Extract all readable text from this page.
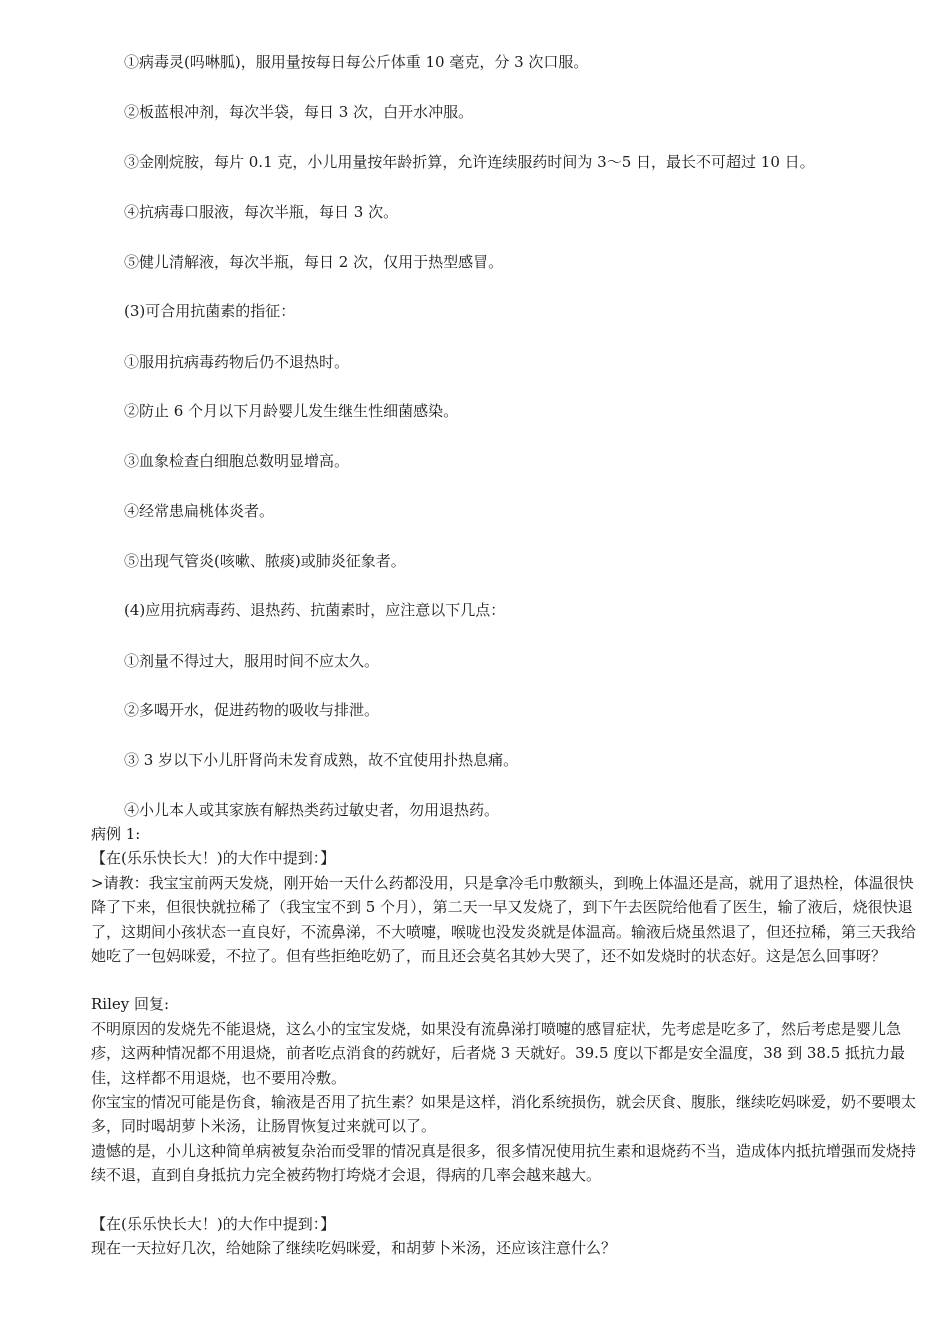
①病毒灵(吗啉胍)，服用量按每日每公斤体重 10 毫克，分 3 次口服。
②板蓝根冲剂，每次半袋，每日 3 次，白开水冲服。
③金刚烷胺，每片 0.1 克，小儿用量按年龄折算，允许连续服药时间为 3～5 日，最长不可超过 10 日。
④抗病毒口服液，每次半瓶，每日 3 次。
⑤健儿清解液，每次半瓶，每日 2 次，仅用于热型感冒。
(3)可合用抗菌素的指征：
①服用抗病毒药物后仍不退热时。
②防止 6 个月以下月龄婴儿发生继生性细菌感染。
③血象检查白细胞总数明显增高。
④经常患扁桃体炎者。
⑤出现气管炎(咳嗽、脓痰)或肺炎征象者。
(4)应用抗病毒药、退热药、抗菌素时，应注意以下几点：
①剂量不得过大，服用时间不应太久。
②多喝开水，促进药物的吸收与排泄。
③ 3 岁以下小儿肝肾尚未发育成熟，故不宜使用扑热息痛。
④小儿本人或其家族有解热类药过敏史者，勿用退热药。

病例 1:

【在(乐乐快长大！)的大作中提到：】

>请教：我宝宝前两天发烧，刚开始一天什么药都没用，只是拿冷毛巾敷额头，到晚上体温还是高，就用了退热栓，体温很快降了下来，但很快就拉稀了（我宝宝不到 5 个月），第二天一早又发烧了，到下午去医院给他看了医生，输了液后，烧很快退了，这期间小孩状态一直良好，不流鼻涕，不大喷嚏，喉咙也没发炎就是体温高。输液后烧虽然退了，但还拉稀，第三天我给她吃了一包妈咪爱，不拉了。但有些拒绝吃奶了，而且还会莫名其妙大哭了，还不如发烧时的状态好。这是怎么回事呀？

Riley 回复:

不明原因的发烧先不能退烧，这么小的宝宝发烧，如果没有流鼻涕打喷嚏的感冒症状，先考虑是吃多了，然后考虑是婴儿急疹，这两种情况都不用退烧，前者吃点消食的药就好，后者烧 3 天就好。39.5 度以下都是安全温度，38 到 38.5 抵抗力最佳，这样都不用退烧，也不要用冷敷。

你宝宝的情况可能是伤食，输液是否用了抗生素？如果是这样，消化系统损伤，就会厌食、腹胀，继续吃妈咪爱，奶不要喂太多，同时喝胡萝卜米汤，让肠胃恢复过来就可以了。

遗憾的是，小儿这种简单病被复杂治而受罪的情况真是很多，很多情况使用抗生素和退烧药不当，造成体内抵抗增强而发烧持续不退，直到自身抵抗力完全被药物打垮烧才会退，得病的几率会越来越大。

【在(乐乐快长大！)的大作中提到：】

现在一天拉好几次，给她除了继续吃妈咪爱，和胡萝卜米汤，还应该注意什么？
